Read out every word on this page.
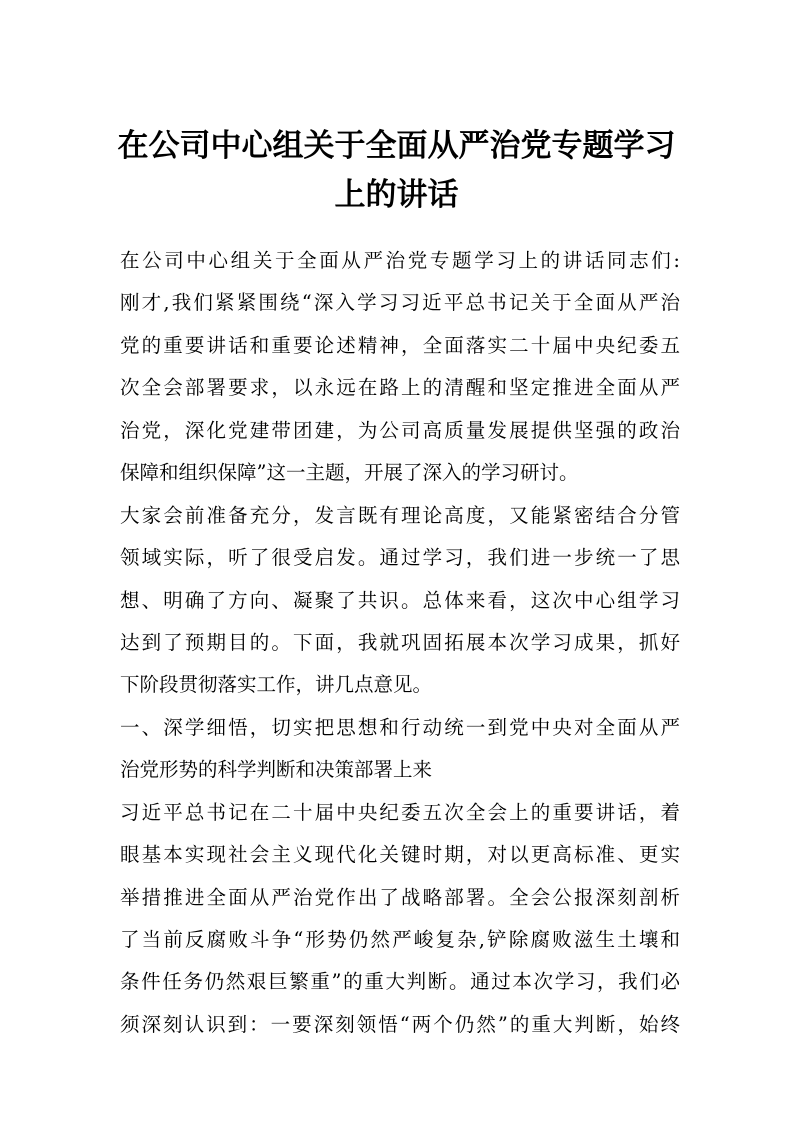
在公司中心组关于全面从严治党专题学习
上的讲话
在公司中心组关于全面从严治党专题学习上的讲话同志们:
刚才,我们紧紧围绕“深入学习习近平总书记关于全面从严治
党的重要讲话和重要论述精神，全面落实二十届中央纪委五
次全会部署要求，以永远在路上的清醒和坚定推进全面从严
治党，深化党建带团建，为公司高质量发展提供坚强的政治
保障和组织保障”这一主题，开展了深入的学习研讨。
大家会前准备充分，发言既有理论高度，又能紧密结合分管
领域实际，听了很受启发。通过学习，我们进一步统一了思
想、明确了方向、凝聚了共识。总体来看，这次中心组学习
达到了预期目的。下面，我就巩固拓展本次学习成果，抓好
下阶段贯彻落实工作，讲几点意见。
一、深学细悟，切实把思想和行动统一到党中央对全面从严
治党形势的科学判断和决策部署上来
习近平总书记在二十届中央纪委五次全会上的重要讲话，着
眼基本实现社会主义现代化关键时期，对以更高标准、更实
举措推进全面从严治党作出了战略部署。全会公报深刻剖析
了当前反腐败斗争“形势仍然严峻复杂,铲除腐败滋生土壤和
条件任务仍然艰巨繁重”的重大判断。通过本次学习，我们必
须深刻认识到：一要深刻领悟“两个仍然”的重大判断，始终
